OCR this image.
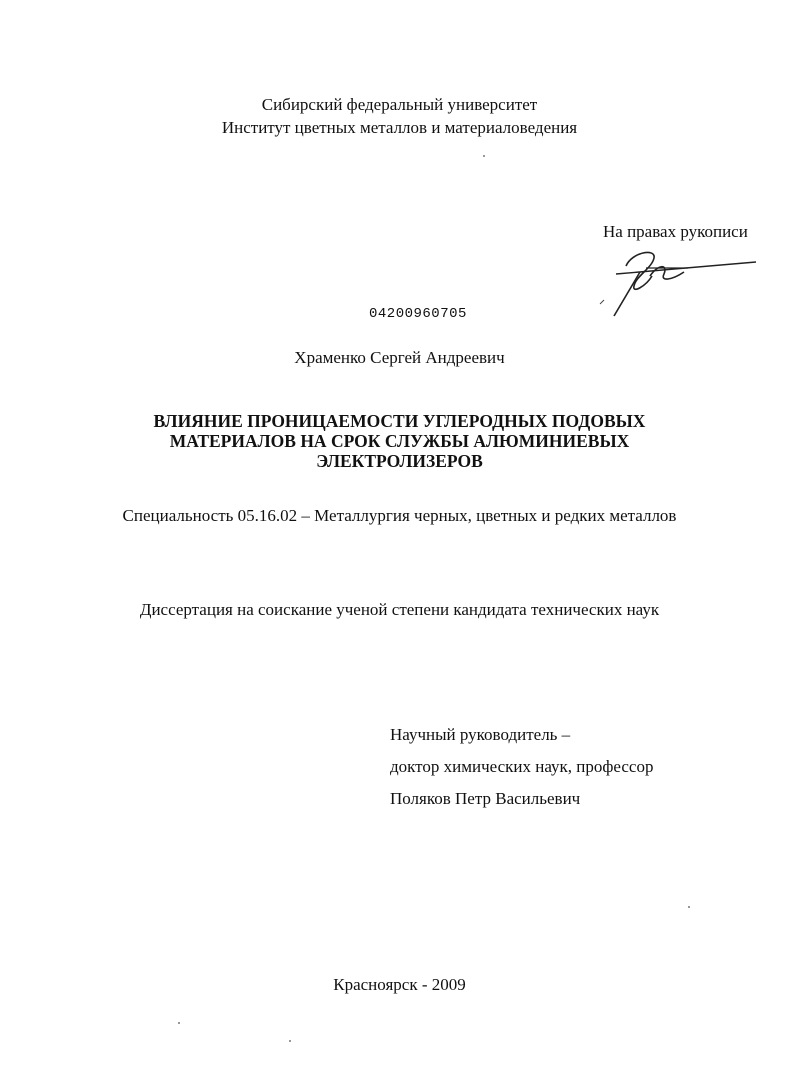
Сибирский федеральный университет
Институт цветных металлов и материаловедения
На правах рукописи
04200960705
Храменко Сергей Андреевич
ВЛИЯНИЕ ПРОНИЦАЕМОСТИ УГЛЕРОДНЫХ ПОДОВЫХ
МАТЕРИАЛОВ НА СРОК СЛУЖБЫ АЛЮМИНИЕВЫХ
ЭЛЕКТРОЛИЗЕРОВ
Специальность 05.16.02 – Металлургия черных, цветных и редких металлов
Диссертация на соискание ученой степени кандидата технических наук
Научный руководитель –
доктор химических наук, профессор
Поляков Петр Васильевич
Красноярск - 2009
